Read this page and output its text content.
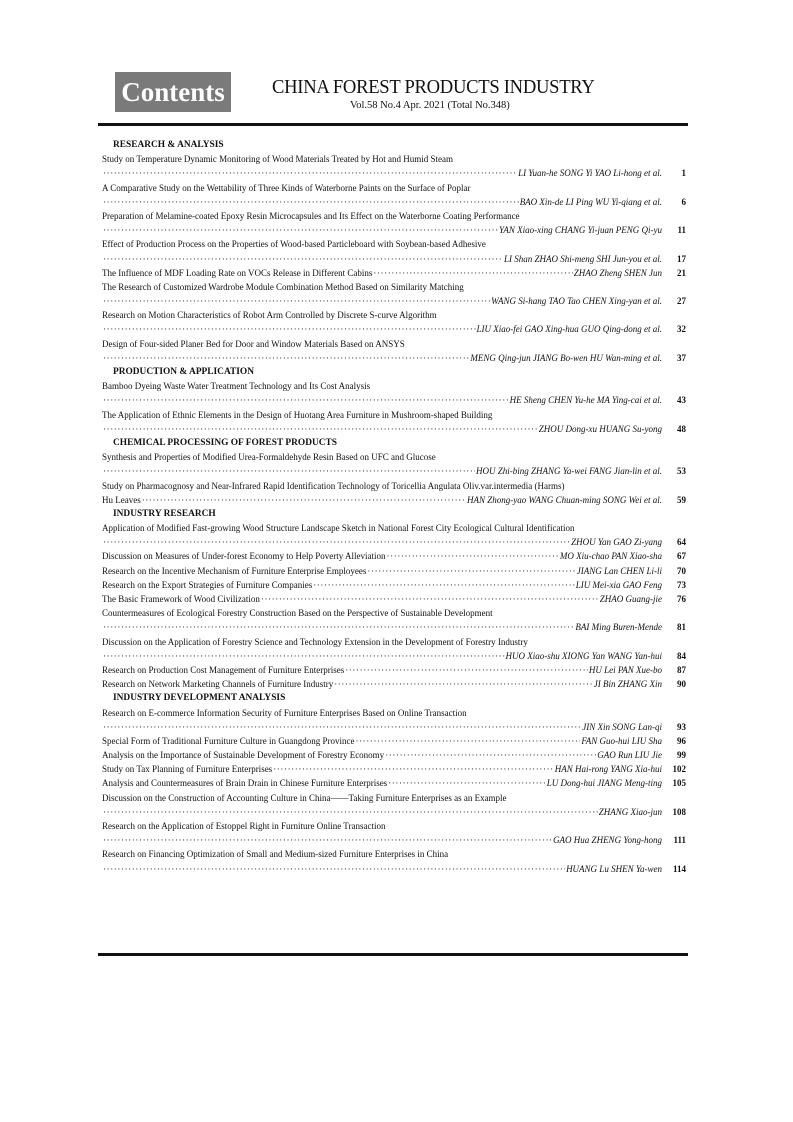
Contents	CHINA FOREST PRODUCTS INDUSTRY
Vol.58 No.4 Apr. 2021 (Total No.348)
RESEARCH & ANALYSIS
Study on Temperature Dynamic Monitoring of Wood Materials Treated by Hot and Humid Steam
·····
LI Yuan-he SONG Yi YAO Li-hong et al.	1
A Comparative Study on the Wettability of Three Kinds of Waterborne Paints on the Surface of Poplar
·····
BAO Xin-de LI Ping WU Yi-qiang et al.	6
Preparation of Melamine-coated Epoxy Resin Microcapsules and Its Effect on the Waterborne Coating Performance
·····
YAN Xiao-xing CHANG Yi-juan PENG Qi-yu	11
Effect of Production Process on the Properties of Wood-based Particleboard with Soybean-based Adhesive
·····
LI Shan ZHAO Shi-meng SHI Jun-you et al.	17
The Influence of MDF Loading Rate on VOCs Release in Different Cabins ·····	ZHAO Zheng SHEN Jun	21
The Research of Customized Wardrobe Module Combination Method Based on Similarity Matching
·····
WANG Si-hang TAO Tao CHEN Xing-yan et al.	27
Research on Motion Characteristics of Robot Arm Controlled by Discrete S-curve Algorithm
·····
LIU Xiao-fei GAO Xing-hua GUO Qing-dong et al.	32
Design of Four-sided Planer Bed for Door and Window Materials Based on ANSYS
·····
MENG Qing-jun JIANG Bo-wen HU Wan-ming et al.	37
PRODUCTION & APPLICATION
Bamboo Dyeing Waste Water Treatment Technology and Its Cost Analysis
·····
HE Sheng CHEN Yu-he MA Ying-cai et al.	43
The Application of Ethnic Elements in the Design of Huotang Area Furniture in Mushroom-shaped Building
·····
ZHOU Dong-xu HUANG Su-yong	48
CHEMICAL PROCESSING OF FOREST PRODUCTS
Synthesis and Properties of Modified Urea-Formaldehyde Resin Based on UFC and Glucose
·····
HOU Zhi-bing ZHANG Ya-wei FANG Jian-lin et al.	53
Study on Pharmacognosy and Near-Infrared Rapid Identification Technology of Toricellia Angulata Oliv.var.intermedia (Harms)
Hu Leaves ·····	HAN Zhong-yao WANG Chuan-ming SONG Wei et al.	59
INDUSTRY RESEARCH
Application of Modified Fast-growing Wood Structure Landscape Sketch in National Forest City Ecological Cultural Identification
·····
ZHOU Yan GAO Zi-yang	64
Discussion on Measures of Under-forest Economy to Help Poverty Alleviation ·····	MO Xiu-chao PAN Xiao-sha	67
Research on the Incentive Mechanism of Furniture Enterprise Employees ·····	JIANG Lan CHEN Li-li	70
Research on the Export Strategies of Furniture Companies ·····	LIU Mei-xia GAO Feng	73
The Basic Framework of Wood Civilization ·····	ZHAO Guang-jie	76
Countermeasures of Ecological Forestry Construction Based on the Perspective of Sustainable Development
·····
BAI Ming Buren-Mende	81
Discussion on the Application of Forestry Science and Technology Extension in the Development of Forestry Industry
·····
HUO Xiao-shu XIONG Yan WANG Yan-hui	84
Research on Production Cost Management of Furniture Enterprises ·····	HU Lei PAN Xue-bo	87
Research on Network Marketing Channels of Furniture Industry ·····	JI Bin ZHANG Xin	90
INDUSTRY DEVELOPMENT ANALYSIS
Research on E-commerce Information Security of Furniture Enterprises Based on Online Transaction
·····
JIN Xin SONG Lan-qi	93
Special Form of Traditional Furniture Culture in Guangdong Province ·····	FAN Guo-hui LIU Sha	96
Analysis on the Importance of Sustainable Development of Forestry Economy ·····	GAO Run LIU Jie	99
Study on Tax Planning of Furniture Enterprises ·····	HAN Hai-rong YANG Xia-hui	102
Analysis and Countermeasures of Brain Drain in Chinese Furniture Enterprises ·····	LU Dong-hui JIANG Meng-ting	105
Discussion on the Construction of Accounting Culture in China——Taking Furniture Enterprises as an Example
·····
ZHANG Xiao-jun	108
Research on the Application of Estoppel Right in Furniture Online Transaction
·····
GAO Hua ZHENG Yong-hong	111
Research on Financing Optimization of Small and Medium-sized Furniture Enterprises in China
·····
HUANG Lu SHEN Ya-wen	114
